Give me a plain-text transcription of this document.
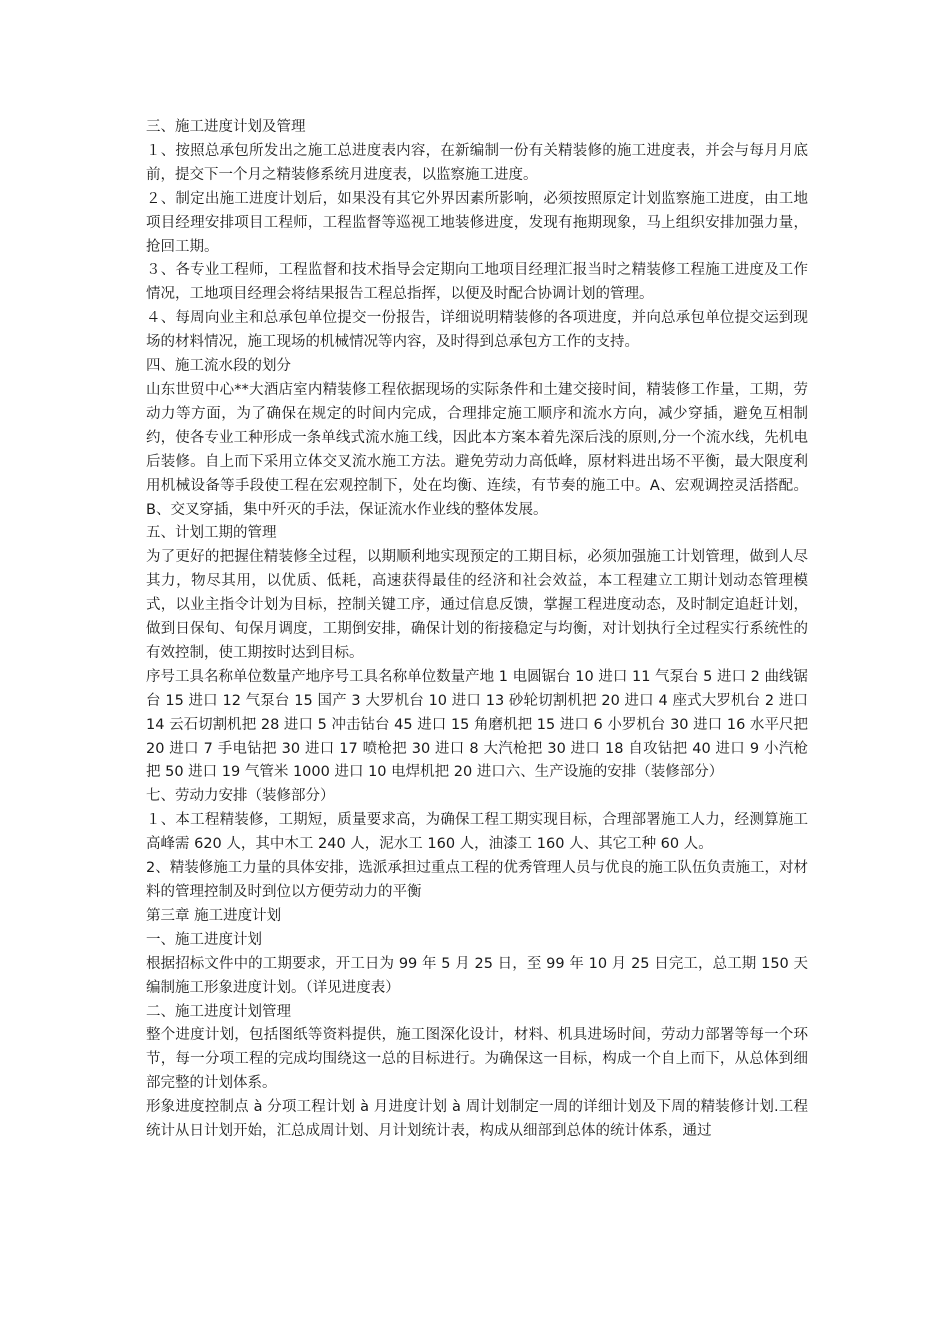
三、施工进度计划及管理

１、按照总承包所发出之施工总进度表内容，在新编制一份有关精装修的施工进度表，并会与每月月底前，提交下一个月之精装修系统月进度表，以监察施工进度。

２、制定出施工进度计划后，如果没有其它外界因素所影响，必须按照原定计划监察施工进度，由工地项目经理安排项目工程师，工程监督等巡视工地装修进度，发现有拖期现象，马上组织安排加强力量，抢回工期。

３、各专业工程师，工程监督和技术指导会定期向工地项目经理汇报当时之精装修工程施工进度及工作情况，工地项目经理会将结果报告工程总指挥，以便及时配合协调计划的管理。

４、每周向业主和总承包单位提交一份报告，详细说明精装修的各项进度，并向总承包单位提交运到现场的材料情况，施工现场的机械情况等内容，及时得到总承包方工作的支持。

四、施工流水段的划分

山东世贸中心**大酒店室内精装修工程依据现场的实际条件和土建交接时间，精装修工作量，工期，劳动力等方面，为了确保在规定的时间内完成，合理排定施工顺序和流水方向，减少穿插，避免互相制约，使各专业工种形成一条单线式流水施工线，因此本方案本着先深后浅的原则,分一个流水线，先机电后装修。自上而下采用立体交叉流水施工方法。避免劳动力高低峰，原材料进出场不平衡，最大限度利用机械设备等手段使工程在宏观控制下，处在均衡、连续，有节奏的施工中。A、宏观调控灵活搭配。B、交叉穿插，集中歼灭的手法，保证流水作业线的整体发展。

五、计划工期的管理

为了更好的把握住精装修全过程，以期顺利地实现预定的工期目标，必须加强施工计划管理，做到人尽其力，物尽其用，以优质、低耗，高速获得最佳的经济和社会效益，本工程建立工期计划动态管理模式，以业主指令计划为目标，控制关键工序，通过信息反馈，掌握工程进度动态，及时制定追赶计划，做到日保旬、旬保月调度，工期倒安排，确保计划的衔接稳定与均衡，对计划执行全过程实行系统性的有效控制，使工期按时达到目标。

序号工具名称单位数量产地序号工具名称单位数量产地 1 电圆锯台 10 进口 11 气泵台 5 进口 2 曲线锯台 15 进口 12 气泵台 15 国产 3 大罗机台 10 进口 13 砂轮切割机把 20 进口 4 座式大罗机台 2 进口 14 云石切割机把 28 进口 5 冲击钻台 45 进口 15 角磨机把 15 进口 6 小罗机台 30 进口 16 水平尺把 20 进口 7 手电钻把 30 进口 17 喷枪把 30 进口 8 大汽枪把 30 进口 18 自攻钻把 40 进口 9 小汽枪把 50 进口 19 气管米 1000 进口 10 电焊机把 20 进口六、生产设施的安排（装修部分）

七、劳动力安排（装修部分）

１、本工程精装修，工期短，质量要求高，为确保工程工期实现目标，合理部署施工人力，经测算施工高峰需 620 人，其中木工 240 人，泥水工 160 人，油漆工 160 人、其它工种 60 人。

2、精装修施工力量的具体安排，选派承担过重点工程的优秀管理人员与优良的施工队伍负责施工，对材料的管理控制及时到位以方便劳动力的平衡

第三章 施工进度计划

一、施工进度计划

根据招标文件中的工期要求，开工日为 99 年 5 月 25 日，至 99 年 10 月 25 日完工，总工期 150 天编制施工形象进度计划。（详见进度表）

二、施工进度计划管理

整个进度计划，包括图纸等资料提供，施工图深化设计，材料、机具进场时间，劳动力部署等每一个环节，每一分项工程的完成均围绕这一总的目标进行。为确保这一目标，构成一个自上而下，从总体到细部完整的计划体系。

形象进度控制点 à 分项工程计划 à 月进度计划 à 周计划制定一周的详细计划及下周的精装修计划.工程统计从日计划开始，汇总成周计划、月计划统计表，构成从细部到总体的统计体系，通过
